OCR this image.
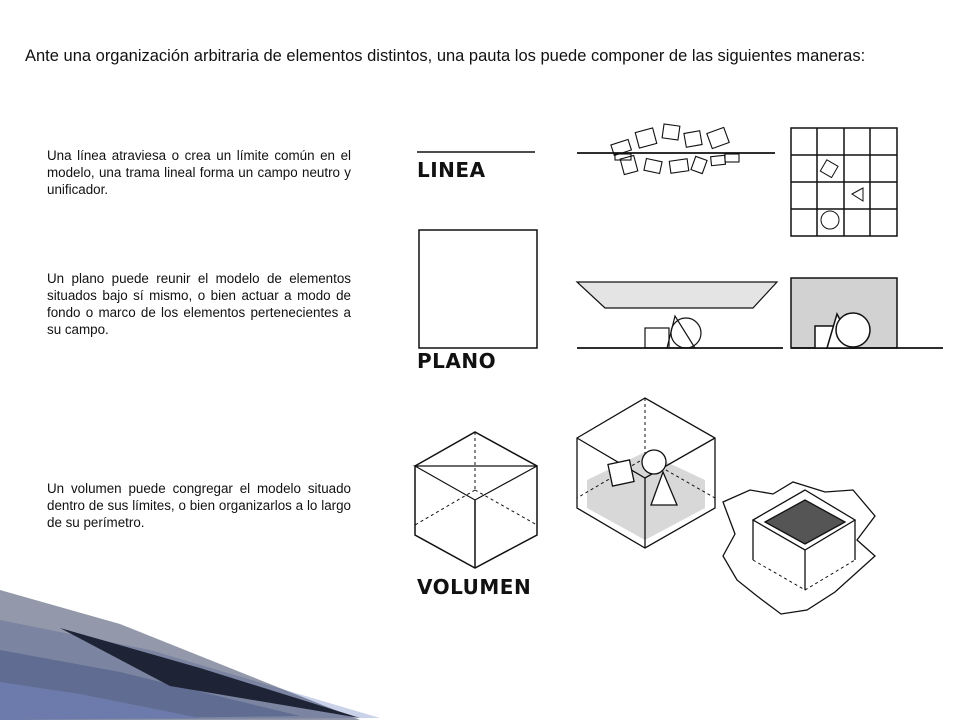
Ante una organización arbitraria de elementos distintos, una pauta los puede componer de las siguientes maneras:
Una línea atraviesa o crea un límite común en el modelo, una trama lineal forma un campo neutro y unificador.
Un plano puede reunir el modelo de elementos situados bajo sí mismo, o bien actuar a modo de fondo o marco de los elementos pertenecientes a su campo.
Un volumen puede congregar el modelo situado dentro de sus límites, o bien organizarlos a lo largo de su perímetro.
LINEA
PLANO
VOLUMEN
